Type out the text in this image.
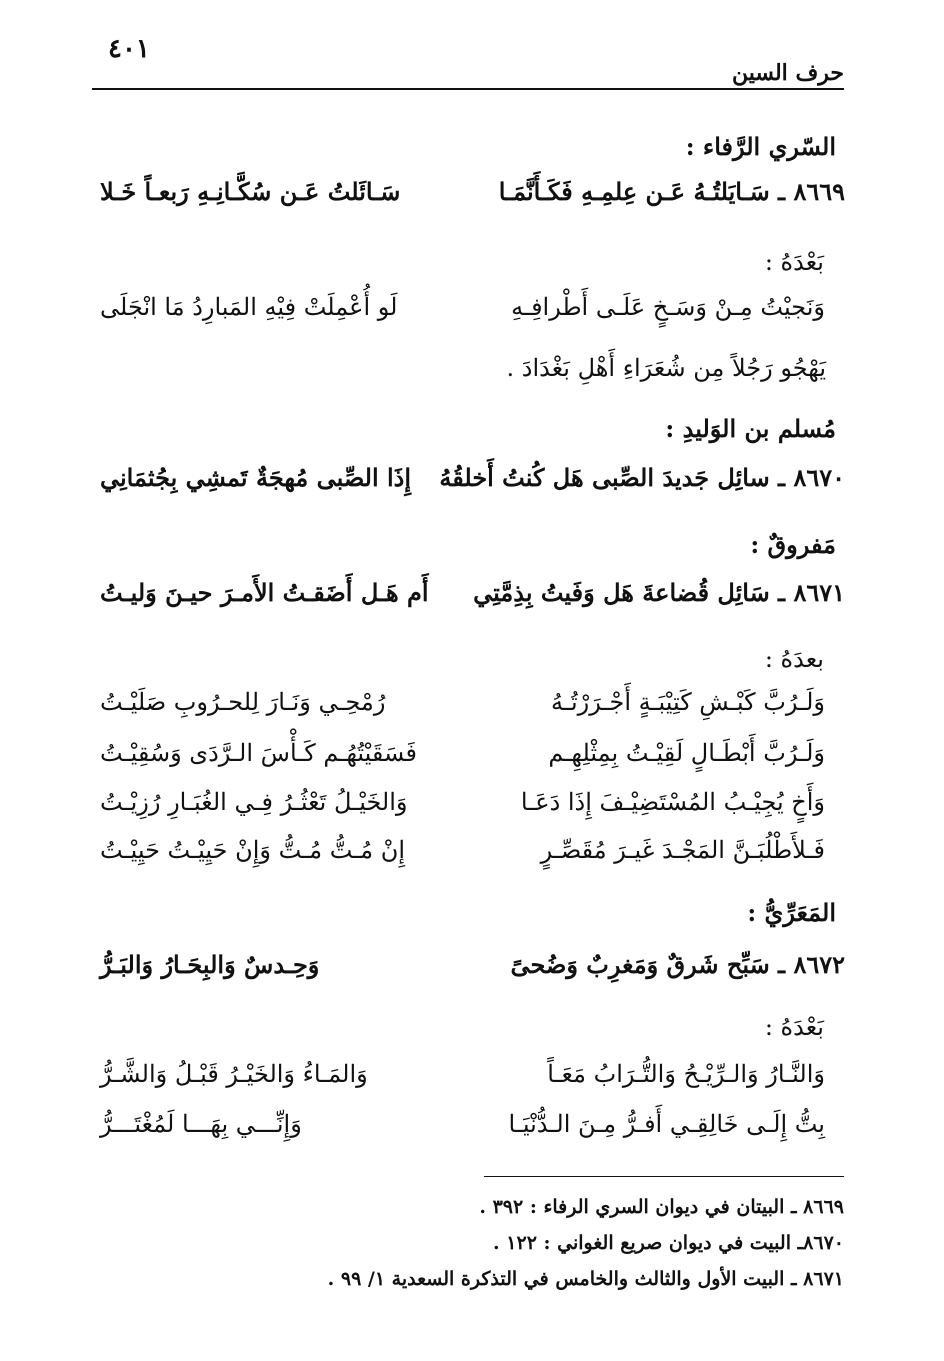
٤٠١
حرف السين
السّري الرَّفاء :
٨٦٦٩ ـ سَـايَلتُـهُ عَـن عِلمِـهِ فَكَـأَنَّمَـا
سَـائَلتُ عَـن سُكَّـانِـهِ رَبعـاً خَـلا
بَعْدَهُ :
وَنَجيْتُ مِـنْ وَسَـخٍ عَلَـى أَطْرافِـهِ
لَو أُعْمِلَتْ فِيْهِ المَبارِدُ مَا انْجَلَى
يَهْجُو رَجُلاً مِن شُعَرَاءِ أَهْلِ بَغْدَادَ .
مُسلم بن الوَليدِ :
٨٦٧٠ ـ سائِل جَديدَ الصِّبى هَل كُنتُ أَخلقُهُ
إِذَا الصِّبى مُهجَةٌ تَمشِي بِجُثمَانِي
مَفروقٌ :
٨٦٧١ ـ سَائِل قُضاعةَ هَل وَفَيتُ بِذِمَّتِي
أَم هَـل أَضَقـتُ الأَمـرَ حيـنَ وَليـتُ
بعدَهُ :
وَلَـرُبَّ كَبْـشِ كَتِيْبَـةٍ أَجْـرَرْتُـهُ
رُمْحِـي وَنَـارَ لِلحـرُوبِ صَلَيْـتُ
وَلَـرُبَّ أَبْطَـالٍ لَقِيْـتُ بِمِثْلِهِـم
فَسَقَيْتُهُـم كَـأْسَ الـرَّدَى وَسُقِيْـتُ
وَأَخٍ يُجِيْـبُ المُسْتَضِيْـفَ إِذَا دَعَـا
وَالخَيْـلُ تَعْثُـرُ فِـي الغُبَـارِ رُزِيْـتُ
فَـلأَطْلُبَـنَّ المَجْـدَ غَيـرَ مُقَصِّـرٍ
إِنْ مُـتُّ مُـتُّ وَإِنْ حَيِيْـتُ حَيِيْـتُ
المَعَرِّيُّ :
٨٦٧٢ ـ سَبِّح شَرقٌ وَمَغرِبٌ وَضُحىً
وَحِـدسٌ وَالبِحَـارُ وَالبَـرُّ
بَعْدَهُ :
وَالنَّـارُ وَالـرِّيْـحُ وَالتُّـرَابُ مَعَـاً
وَالمَـاءُ وَالخَيْـرُ قَبْـلُ وَالشَّـرُّ
بِتُّ إِلَـى خَالِقِـي أَفـرُّ مِـنَ الـدُّنْيَـا
وَإِنِّـــي بِهَـــا لَمُغْتَـــرُّ
٨٦٦٩ ـ البيتان في ديوان السري الرفاء : ٣٩٢ .
٨٦٧٠ـ البيت في ديوان صريع الغواني : ١٢٢ .
٨٦٧١ ـ البيت الأول والثالث والخامس في التذكرة السعدية ١/ ٩٩ .
